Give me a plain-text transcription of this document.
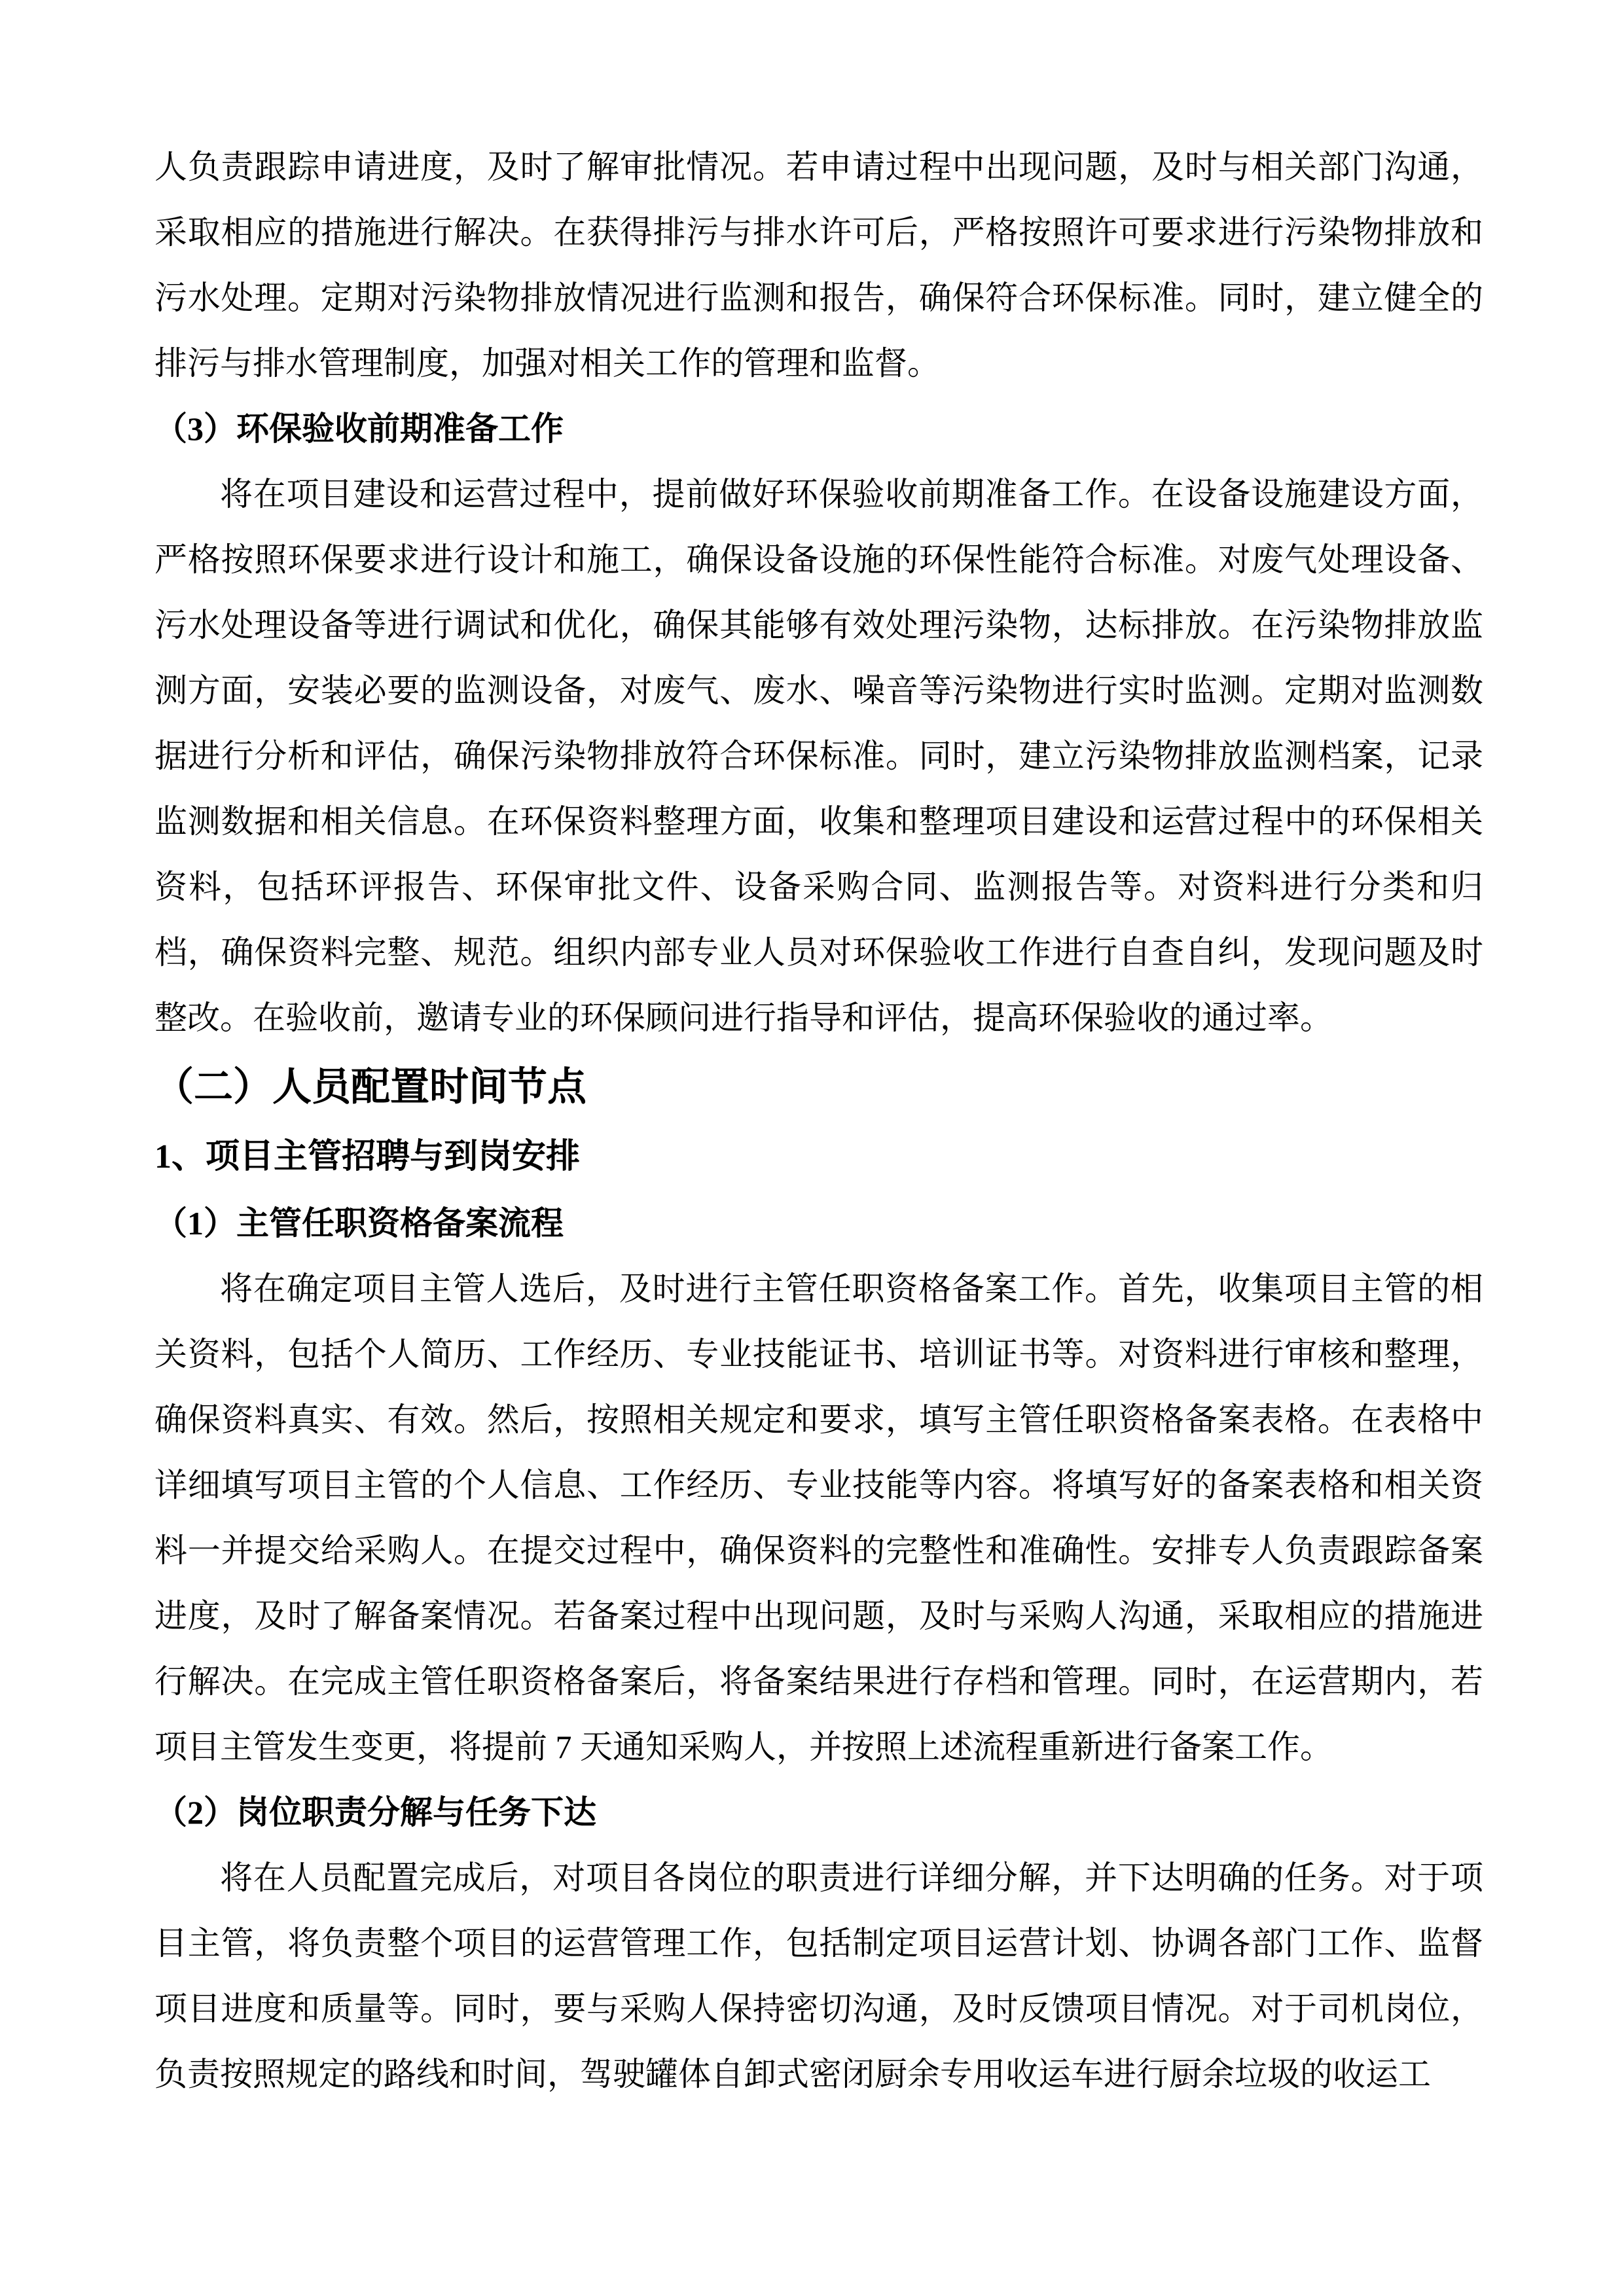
人负责跟踪申请进度，及时了解审批情况。若申请过程中出现问题，及时与相关部门沟通，采取相应的措施进行解决。在获得排污与排水许可后，严格按照许可要求进行污染物排放和污水处理。定期对污染物排放情况进行监测和报告，确保符合环保标准。同时，建立健全的排污与排水管理制度，加强对相关工作的管理和监督。
（3）环保验收前期准备工作
将在项目建设和运营过程中，提前做好环保验收前期准备工作。在设备设施建设方面，严格按照环保要求进行设计和施工，确保设备设施的环保性能符合标准。对废气处理设备、污水处理设备等进行调试和优化，确保其能够有效处理污染物，达标排放。在污染物排放监测方面，安装必要的监测设备，对废气、废水、噪音等污染物进行实时监测。定期对监测数据进行分析和评估，确保污染物排放符合环保标准。同时，建立污染物排放监测档案，记录监测数据和相关信息。在环保资料整理方面，收集和整理项目建设和运营过程中的环保相关资料，包括环评报告、环保审批文件、设备采购合同、监测报告等。对资料进行分类和归档，确保资料完整、规范。组织内部专业人员对环保验收工作进行自查自纠，发现问题及时整改。在验收前，邀请专业的环保顾问进行指导和评估，提高环保验收的通过率。
（二）人员配置时间节点
1、项目主管招聘与到岗安排
（1）主管任职资格备案流程
将在确定项目主管人选后，及时进行主管任职资格备案工作。首先，收集项目主管的相关资料，包括个人简历、工作经历、专业技能证书、培训证书等。对资料进行审核和整理，确保资料真实、有效。然后，按照相关规定和要求，填写主管任职资格备案表格。在表格中详细填写项目主管的个人信息、工作经历、专业技能等内容。将填写好的备案表格和相关资料一并提交给采购人。在提交过程中，确保资料的完整性和准确性。安排专人负责跟踪备案进度，及时了解备案情况。若备案过程中出现问题，及时与采购人沟通，采取相应的措施进行解决。在完成主管任职资格备案后，将备案结果进行存档和管理。同时，在运营期内，若项目主管发生变更，将提前 7 天通知采购人，并按照上述流程重新进行备案工作。
（2）岗位职责分解与任务下达
将在人员配置完成后，对项目各岗位的职责进行详细分解，并下达明确的任务。对于项目主管，将负责整个项目的运营管理工作，包括制定项目运营计划、协调各部门工作、监督项目进度和质量等。同时，要与采购人保持密切沟通，及时反馈项目情况。对于司机岗位，负责按照规定的路线和时间，驾驶罐体自卸式密闭厨余专用收运车进行厨余垃圾的收运工
